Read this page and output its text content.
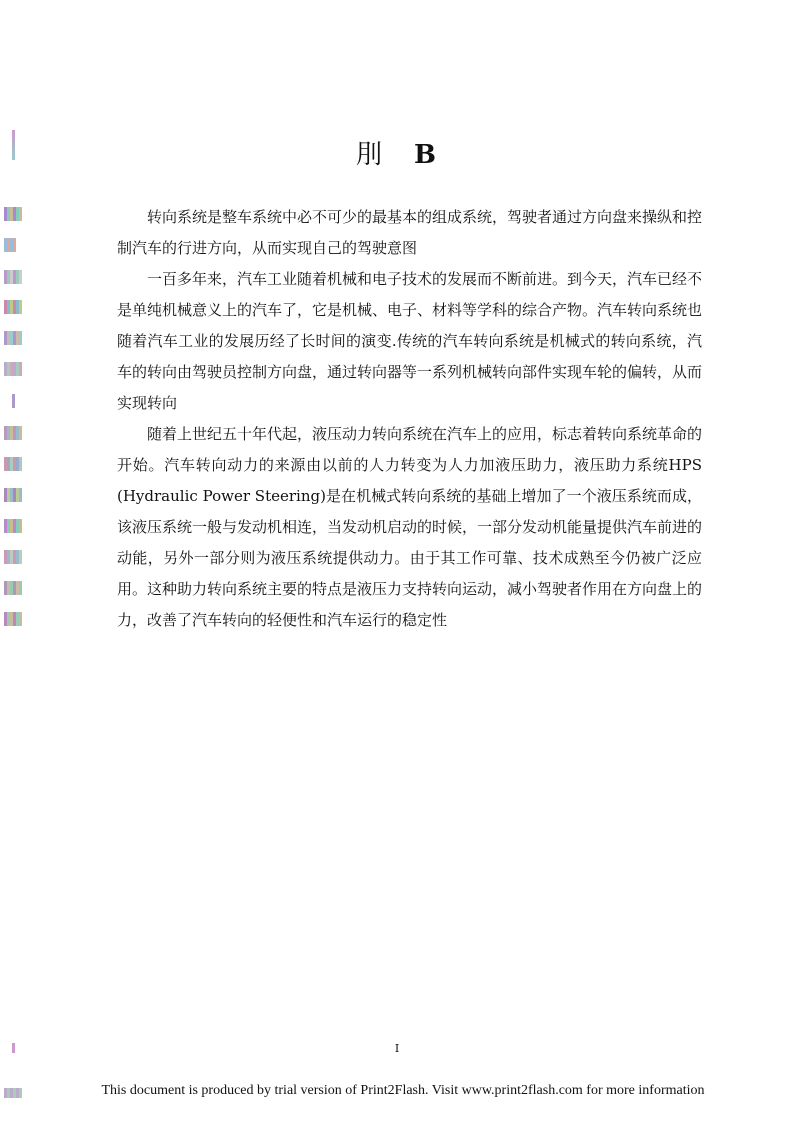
刖 B

转向系统是整车系统中必不可少的最基本的组成系统，驾驶者通过方向盘来操纵和控制汽车的行进方向，从而实现自己的驾驶意图

一百多年来，汽车工业随着机械和电子技术的发展而不断前进。到今天，汽车已经不是单纯机械意义上的汽车了，它是机械、电子、材料等学科的综合产物。汽车转向系统也随着汽车工业的发展历经了长时间的演变.传统的汽车转向系统是机械式的转向系统，汽车的转向由驾驶员控制方向盘，通过转向器等一系列机械转向部件实现车轮的偏转，从而实现转向

随着上世纪五十年代起，液压动力转向系统在汽车上的应用，标志着转向系统革命的开始。汽车转向动力的来源由以前的人力转变为人力加液压助力，液压助力系统HPS (Hydraulic Power Steering)是在机械式转向系统的基础上增加了一个液压系统而成，该液压系统一般与发动机相连，当发动机启动的时候，一部分发动机能量提供汽车前进的动能，另外一部分则为液压系统提供动力。由于其工作可靠、技术成熟至今仍被广泛应用。这种助力转向系统主要的特点是液压力支持转向运动，减小驾驶者作用在方向盘上的力，改善了汽车转向的轻便性和汽车运行的稳定性

I
This document is produced by trial version of Print2Flash. Visit www.print2flash.com for more information
